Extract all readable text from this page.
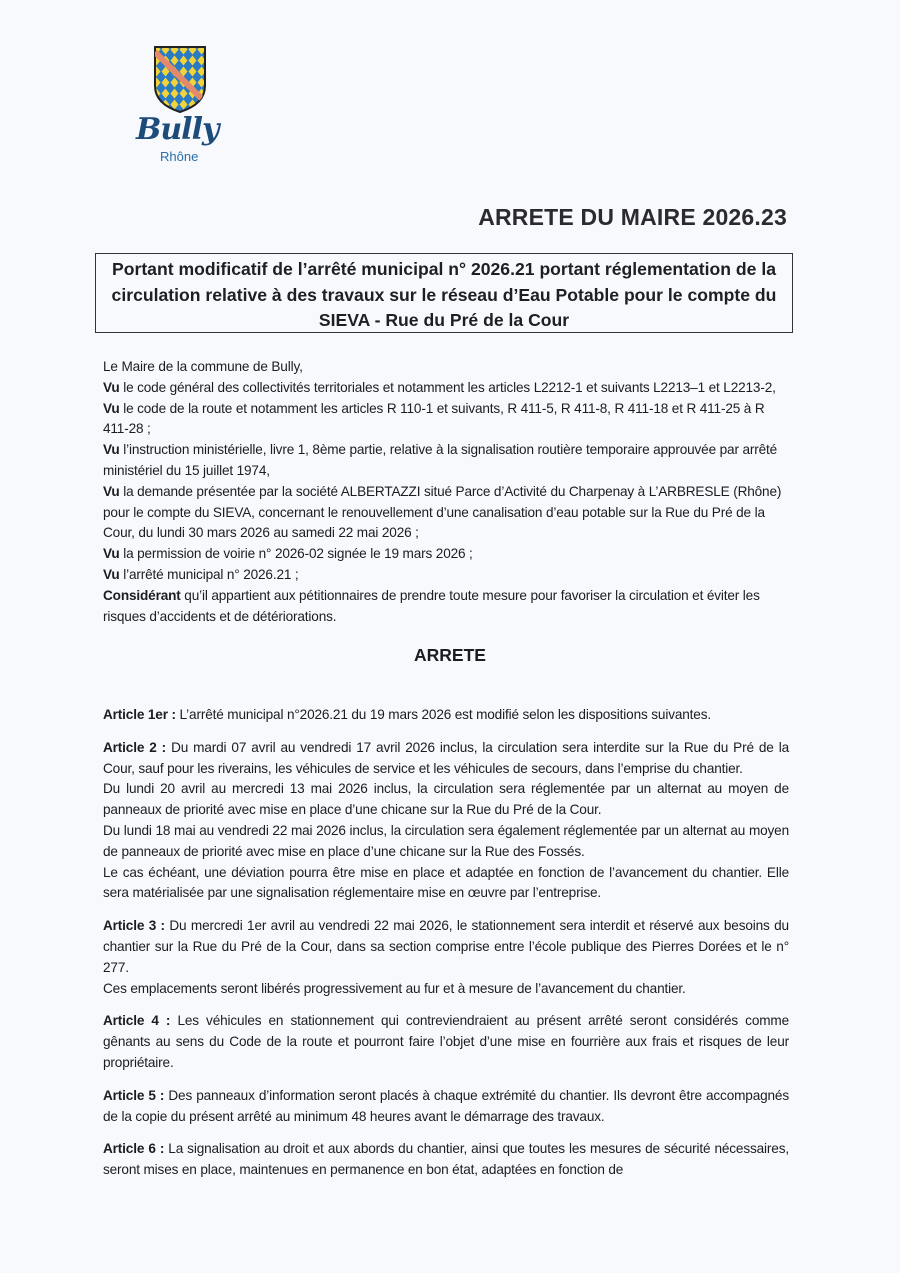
Bully
Rhône
ARRETE DU MAIRE 2026.23
Portant modificatif de l’arrêté municipal n° 2026.21 portant réglementation de la circulation relative à des travaux sur le réseau d’Eau Potable pour le compte du SIEVA - Rue du Pré de la Cour

Le Maire de la commune de Bully,

Vu le code général des collectivités territoriales et notamment les articles L2212-1 et suivants L2213–1 et L2213-2,

Vu le code de la route et notamment les articles R 110-1 et suivants, R 411-5, R 411-8, R 411-18 et R 411-25 à R 411-28 ;

Vu l’instruction ministérielle, livre 1, 8ème partie, relative à la signalisation routière temporaire approuvée par arrêté ministériel du 15 juillet 1974,

Vu la demande présentée par la société ALBERTAZZI situé Parce d’Activité du Charpenay à L’ARBRESLE (Rhône) pour le compte du SIEVA, concernant le renouvellement d’une canalisation d’eau potable sur la Rue du Pré de la Cour, du lundi 30 mars 2026 au samedi 22 mai 2026 ;

Vu la permission de voirie n° 2026-02 signée le 19 mars 2026 ;

Vu l’arrêté municipal n° 2026.21 ;

Considérant qu’il appartient aux pétitionnaires de prendre toute mesure pour favoriser la circulation et éviter les risques d’accidents et de détériorations.

ARRETE

Article 1er : L’arrêté municipal n°2026.21 du 19 mars 2026 est modifié selon les dispositions suivantes.

Article 2 : Du mardi 07 avril au vendredi 17 avril 2026 inclus, la circulation sera interdite sur la Rue du Pré de la Cour, sauf pour les riverains, les véhicules de service et les véhicules de secours, dans l’emprise du chantier.

Du lundi 20 avril au mercredi 13 mai 2026 inclus, la circulation sera réglementée par un alternat au moyen de panneaux de priorité avec mise en place d’une chicane sur la Rue du Pré de la Cour.

Du lundi 18 mai au vendredi 22 mai 2026 inclus, la circulation sera également réglementée par un alternat au moyen de panneaux de priorité avec mise en place d’une chicane sur la Rue des Fossés.

Le cas échéant, une déviation pourra être mise en place et adaptée en fonction de l’avancement du chantier. Elle sera matérialisée par une signalisation réglementaire mise en œuvre par l’entreprise.

Article 3 : Du mercredi 1er avril au vendredi 22 mai 2026, le stationnement sera interdit et réservé aux besoins du chantier sur la Rue du Pré de la Cour, dans sa section comprise entre l’école publique des Pierres Dorées et le n° 277.

Ces emplacements seront libérés progressivement au fur et à mesure de l’avancement du chantier.

Article 4 : Les véhicules en stationnement qui contreviendraient au présent arrêté seront considérés comme gênants au sens du Code de la route et pourront faire l’objet d’une mise en fourrière aux frais et risques de leur propriétaire.

Article 5 : Des panneaux d’information seront placés à chaque extrémité du chantier. Ils devront être accompagnés de la copie du présent arrêté au minimum 48 heures avant le démarrage des travaux.

Article 6 : La signalisation au droit et aux abords du chantier, ainsi que toutes les mesures de sécurité nécessaires, seront mises en place, maintenues en permanence en bon état, adaptées en fonction de
